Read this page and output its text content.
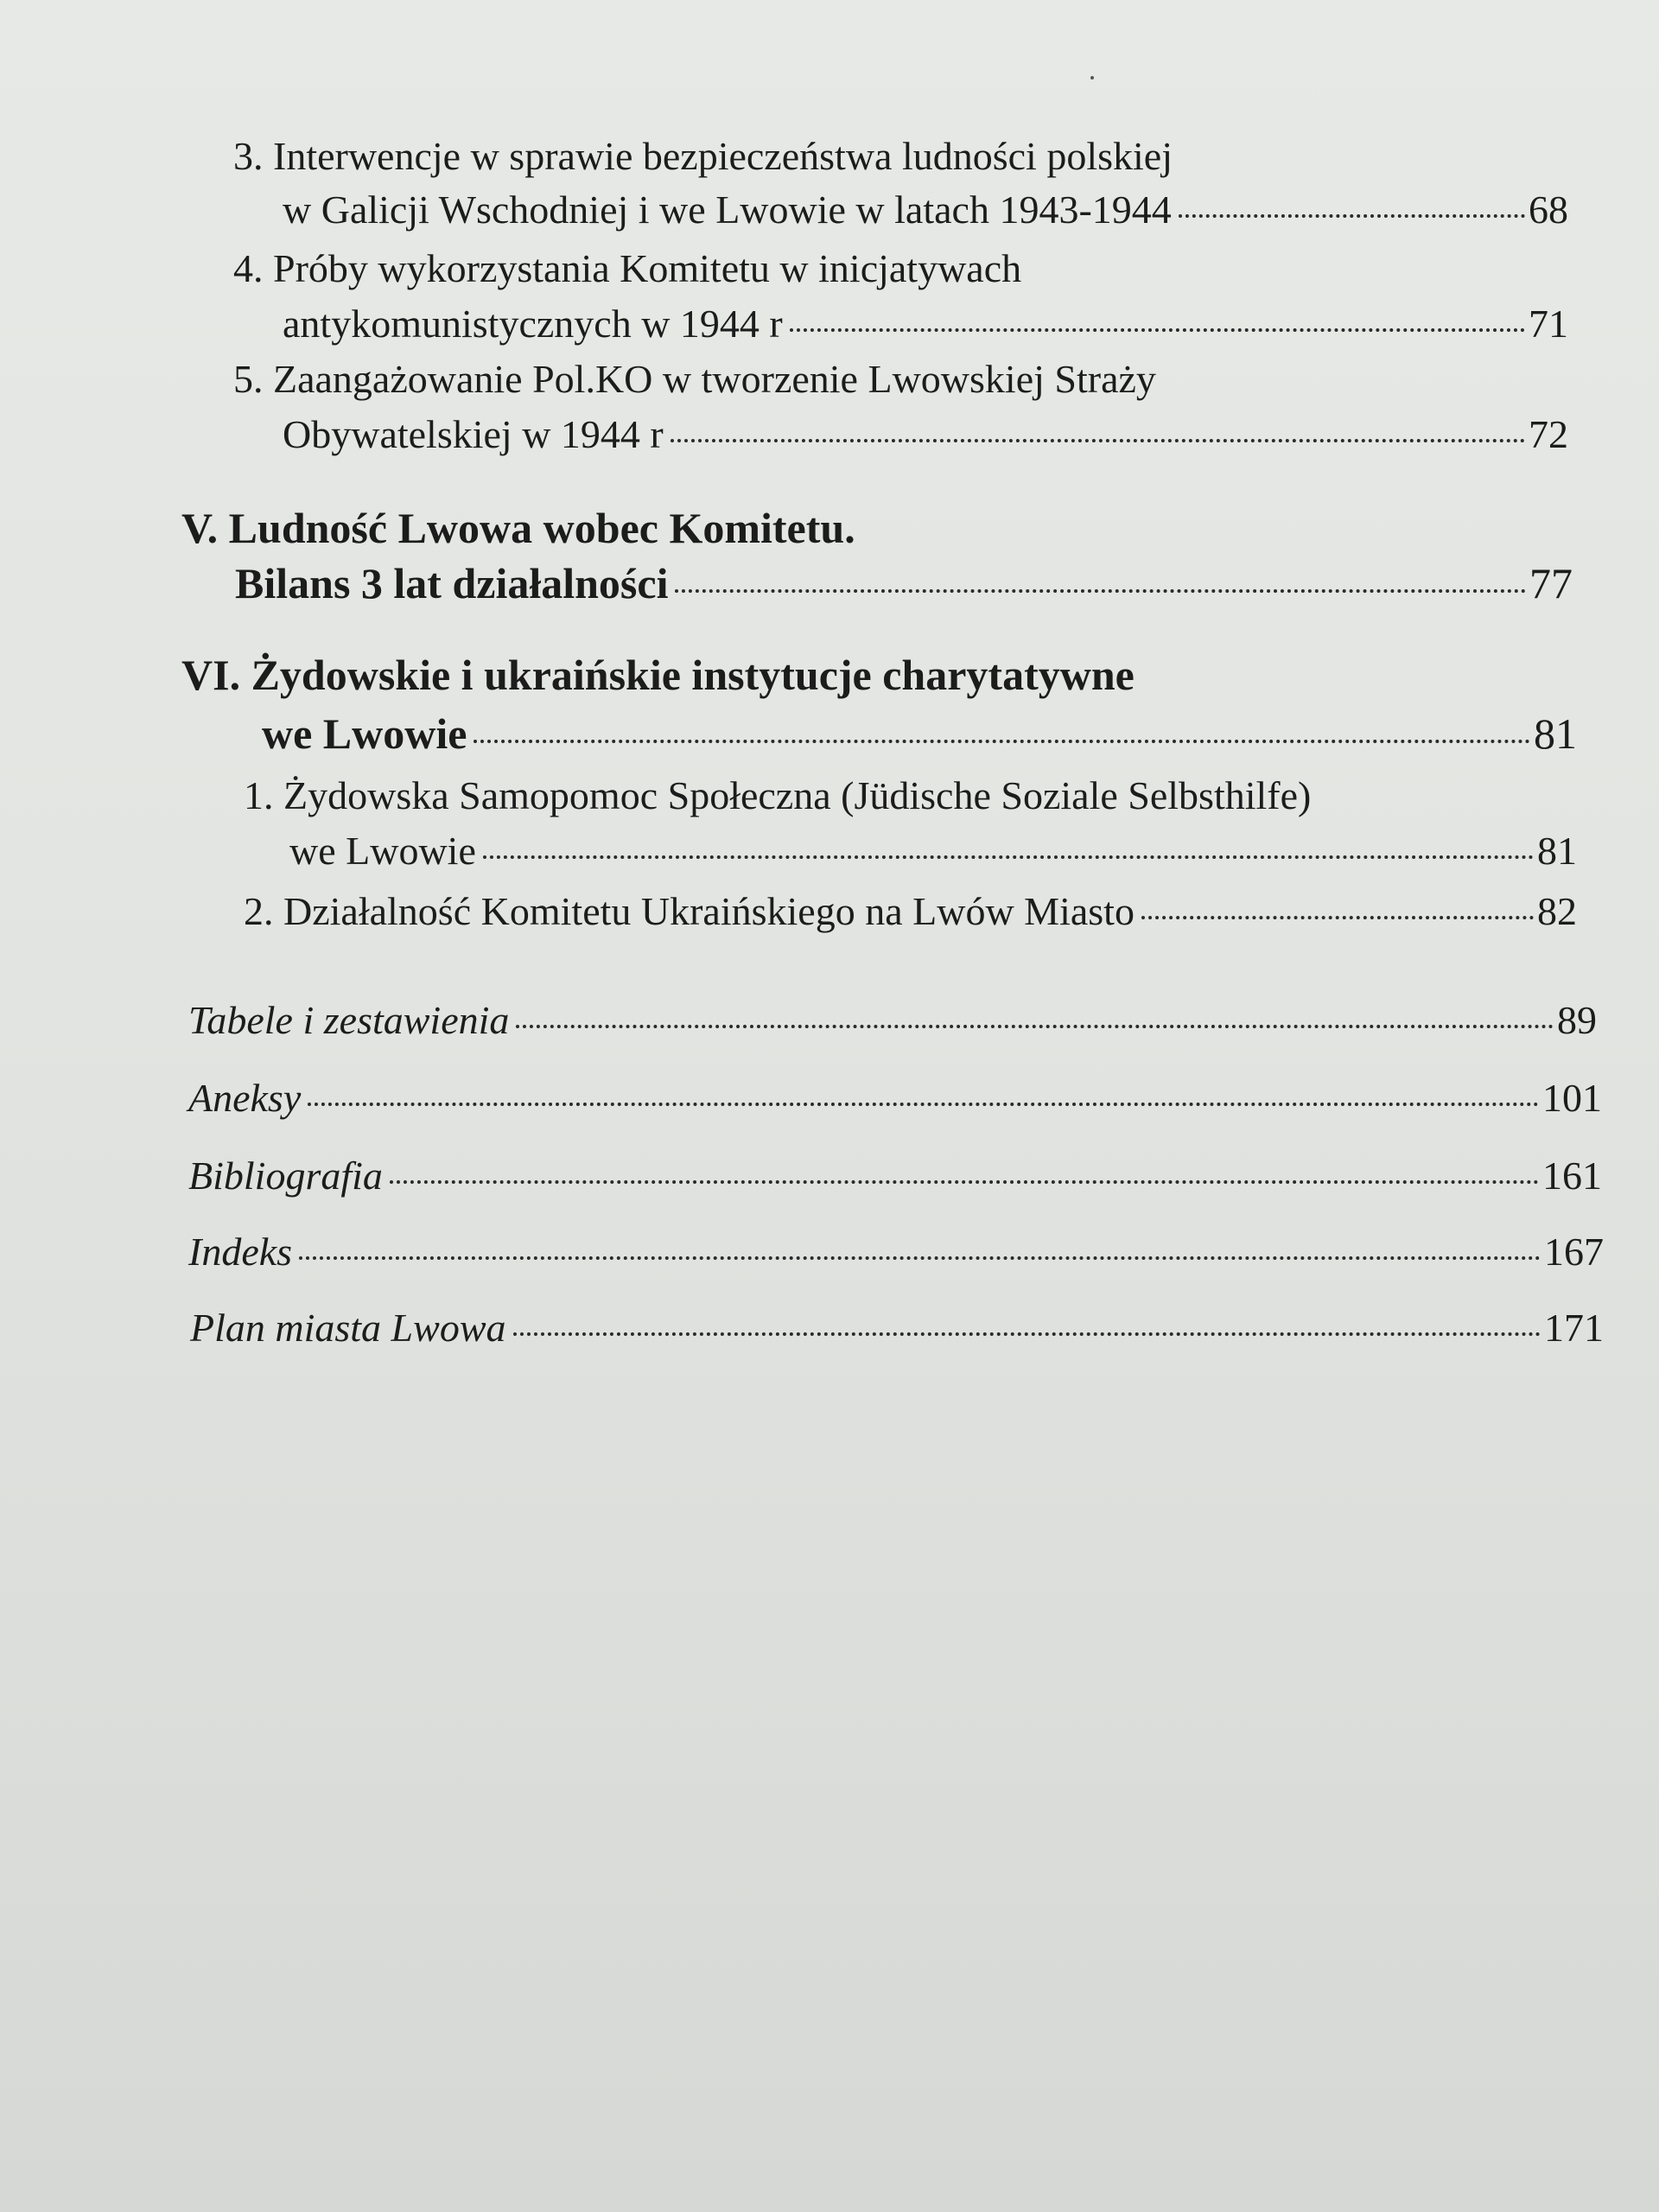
3. Interwencje w sprawie bezpieczeństwa ludności polskiej
w Galicji Wschodniej i we Lwowie w latach 1943-1944	68
4. Próby wykorzystania Komitetu w inicjatywach
antykomunistycznych w 1944 r	71
5. Zaangażowanie Pol.KO w tworzenie Lwowskiej Straży
Obywatelskiej w 1944 r	72
V. Ludność Lwowa wobec Komitetu.
Bilans 3 lat działalności	77
VI. Żydowskie i ukraińskie instytucje charytatywne
we Lwowie	81
1. Żydowska Samopomoc Społeczna (Jüdische Soziale Selbsthilfe)
we Lwowie	81
2. Działalność Komitetu Ukraińskiego na Lwów Miasto	82
Tabele i zestawienia	89
Aneksy	101
Bibliografia	161
Indeks	167
Plan miasta Lwowa	171
